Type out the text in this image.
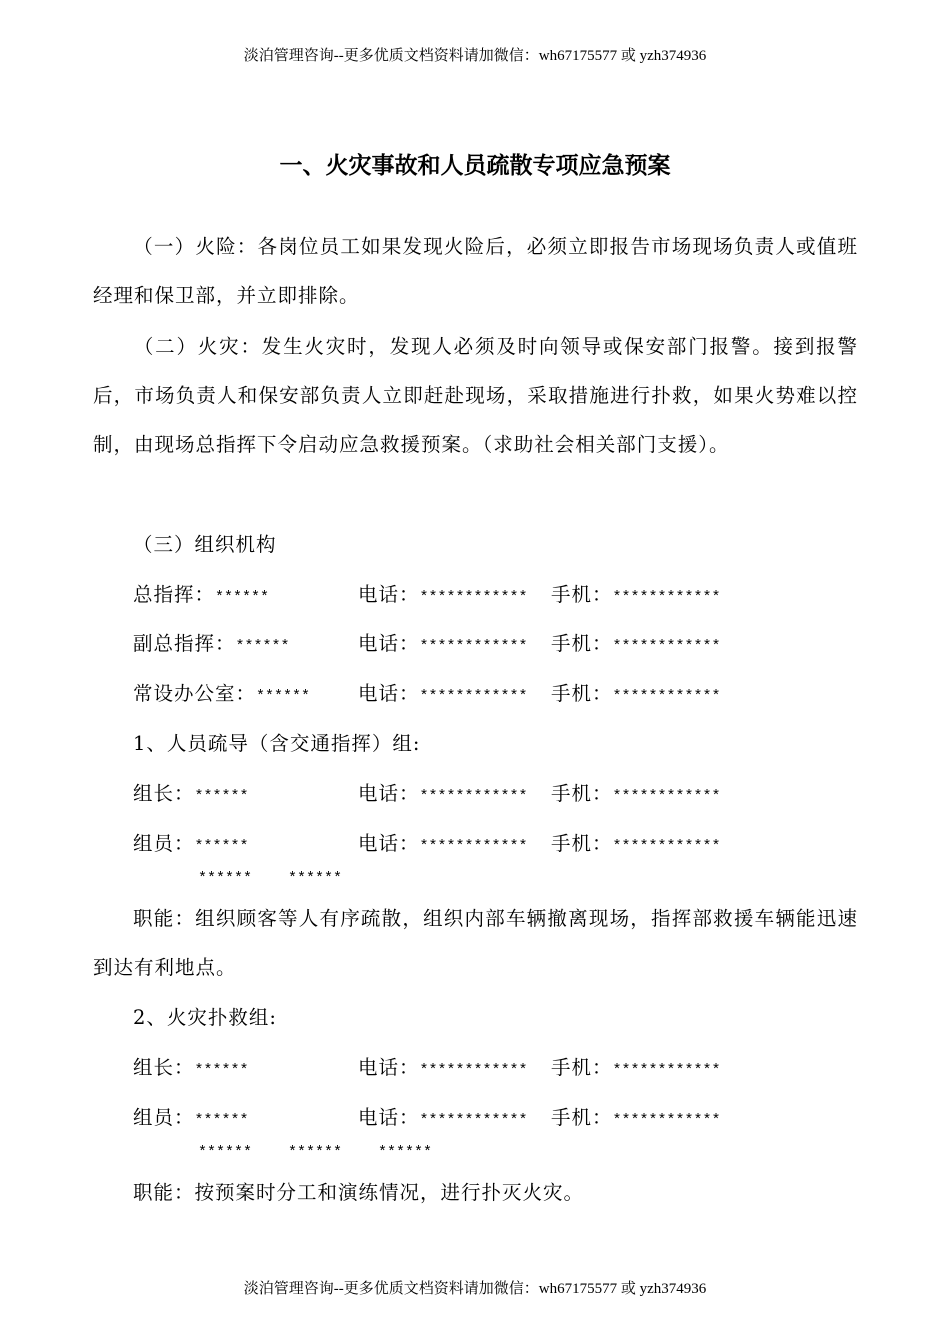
淡泊管理咨询--更多优质文档资料请加微信：wh67175577 或 yzh374936
一、火灾事故和人员疏散专项应急预案
（一）火险：各岗位员工如果发现火险后，必须立即报告市场现场负责人或值班经理和保卫部，并立即排除。
（二）火灾：发生火灾时，发现人必须及时向领导或保安部门报警。接到报警后，市场负责人和保安部负责人立即赶赴现场，采取措施进行扑救，如果火势难以控制，由现场总指挥下令启动应急救援预案。（求助社会相关部门支援）。
（三）组织机构
总指挥：******	电话：************ 手机：************
副总指挥：******	电话：************ 手机：************
常设办公室：****** 电话：************ 手机：************
1、人员疏导（含交通指挥）组:
组长：******	电话：************ 手机：************
组员：******	电话：************ 手机：************
******    ******
职能：组织顾客等人有序疏散，组织内部车辆撤离现场，指挥部救援车辆能迅速到达有利地点。
2、火灾扑救组:
组长：******	电话：************ 手机：************
组员：******	电话：************ 手机：************
******    ******    ******
职能：按预案时分工和演练情况，进行扑灭火灾。
淡泊管理咨询--更多优质文档资料请加微信：wh67175577 或 yzh374936
